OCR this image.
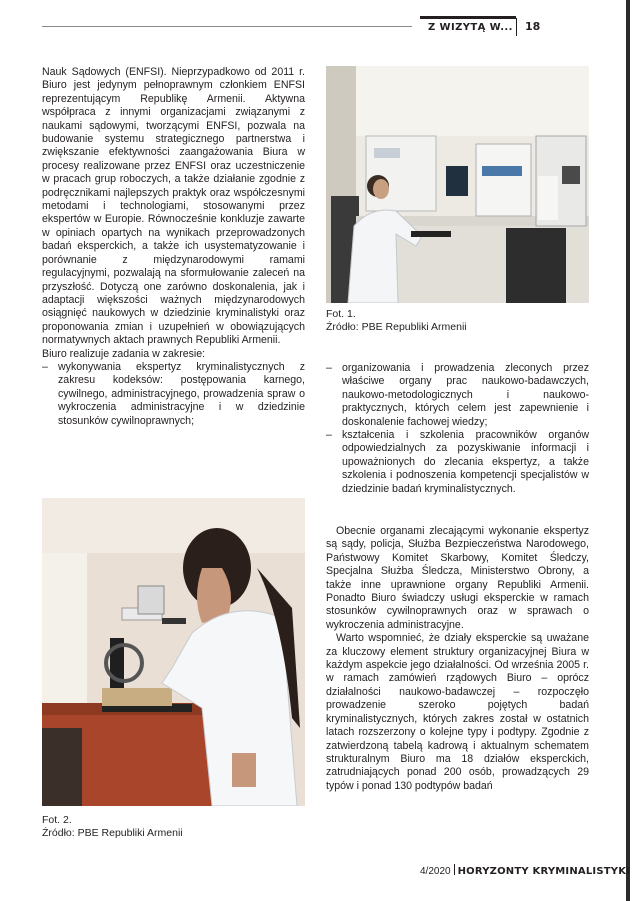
Z WIZYTĄ W... 18

Nauk Sądowych (ENFSI). Nieprzypadkowo od 2011 r. Biuro jest jedynym pełnoprawnym członkiem ENFSI reprezentującym Republikę Armenii. Aktywna współpraca z innymi organizacjami związanymi z naukami sądowymi, tworzącymi ENFSI, pozwala na budowanie systemu strategicznego partnerstwa i zwiększanie efektywności zaangażowania Biura w procesy realizowane przez ENFSI oraz uczestniczenie w pracach grup roboczych, a także działanie zgodnie z podręcznikami najlepszych praktyk oraz współczesnymi metodami i technologiami, stosowanymi przez ekspertów w Europie. Równocześnie konkluzje zawarte w opiniach opartych na wynikach przeprowadzonych badań eksperckich, a także ich usystematyzowanie i porównanie z międzynarodowymi ramami regulacyjnymi, pozwalają na sformułowanie zaleceń na przyszłość. Dotyczą one zarówno doskonalenia, jak i adaptacji większości ważnych międzynarodowych osiągnięć naukowych w dziedzinie kryminalistyki oraz proponowania zmian i uzupełnień w obowiązujących normatywnych aktach prawnych Republiki Armenii.

Biuro realizuje zadania w zakresie:

– wykonywania ekspertyz kryminalistycznych z zakresu kodeksów: postępowania karnego, cywilnego, administracyjnego, prowadzenia spraw o wykroczenia administracyjne i w dziedzinie stosunków cywilnoprawnych;
Fot. 1.
Źródło: PBE Republiki Armenii
– organizowania i prowadzenia zleconych przez właściwe organy prac naukowo-badawczych, naukowo-metodologicznych i naukowo-praktycznych, których celem jest zapewnienie i doskonalenie fachowej wiedzy;
– kształcenia i szkolenia pracowników organów odpowiedzialnych za pozyskiwanie informacji i upoważnionych do zlecania ekspertyz, a także szkolenia i podnoszenia kompetencji specjalistów w dziedzinie badań kryminalistycznych.

Obecnie organami zlecającymi wykonanie ekspertyz są sądy, policja, Służba Bezpieczeństwa Narodowego, Państwowy Komitet Skarbowy, Komitet Śledczy, Specjalna Służba Śledcza, Ministerstwo Obrony, a także inne uprawnione organy Republiki Armenii. Ponadto Biuro świadczy usługi eksperckie w ramach stosunków cywilnoprawnych oraz w sprawach o wykroczenia administracyjne.

Warto wspomnieć, że działy eksperckie są uważane za kluczowy element struktury organizacyjnej Biura w każdym aspekcie jego działalności. Od września 2005 r. w ramach zamówień rządowych Biuro – oprócz działalności naukowo-badawczej – rozpoczęło prowadzenie szeroko pojętych badań kryminalistycznych, których zakres został w ostatnich latach rozszerzony o kolejne typy i podtypy. Zgodnie z zatwierdzoną tabelą kadrową i aktualnym schematem strukturalnym Biuro ma 18 działów eksperckich, zatrudniających ponad 200 osób, prowadzących 29 typów i ponad 130 podtypów badań

Fot. 2.
Źródło: PBE Republiki Armenii
4/2020 HORYZONTY KRYMINALISTYKI
